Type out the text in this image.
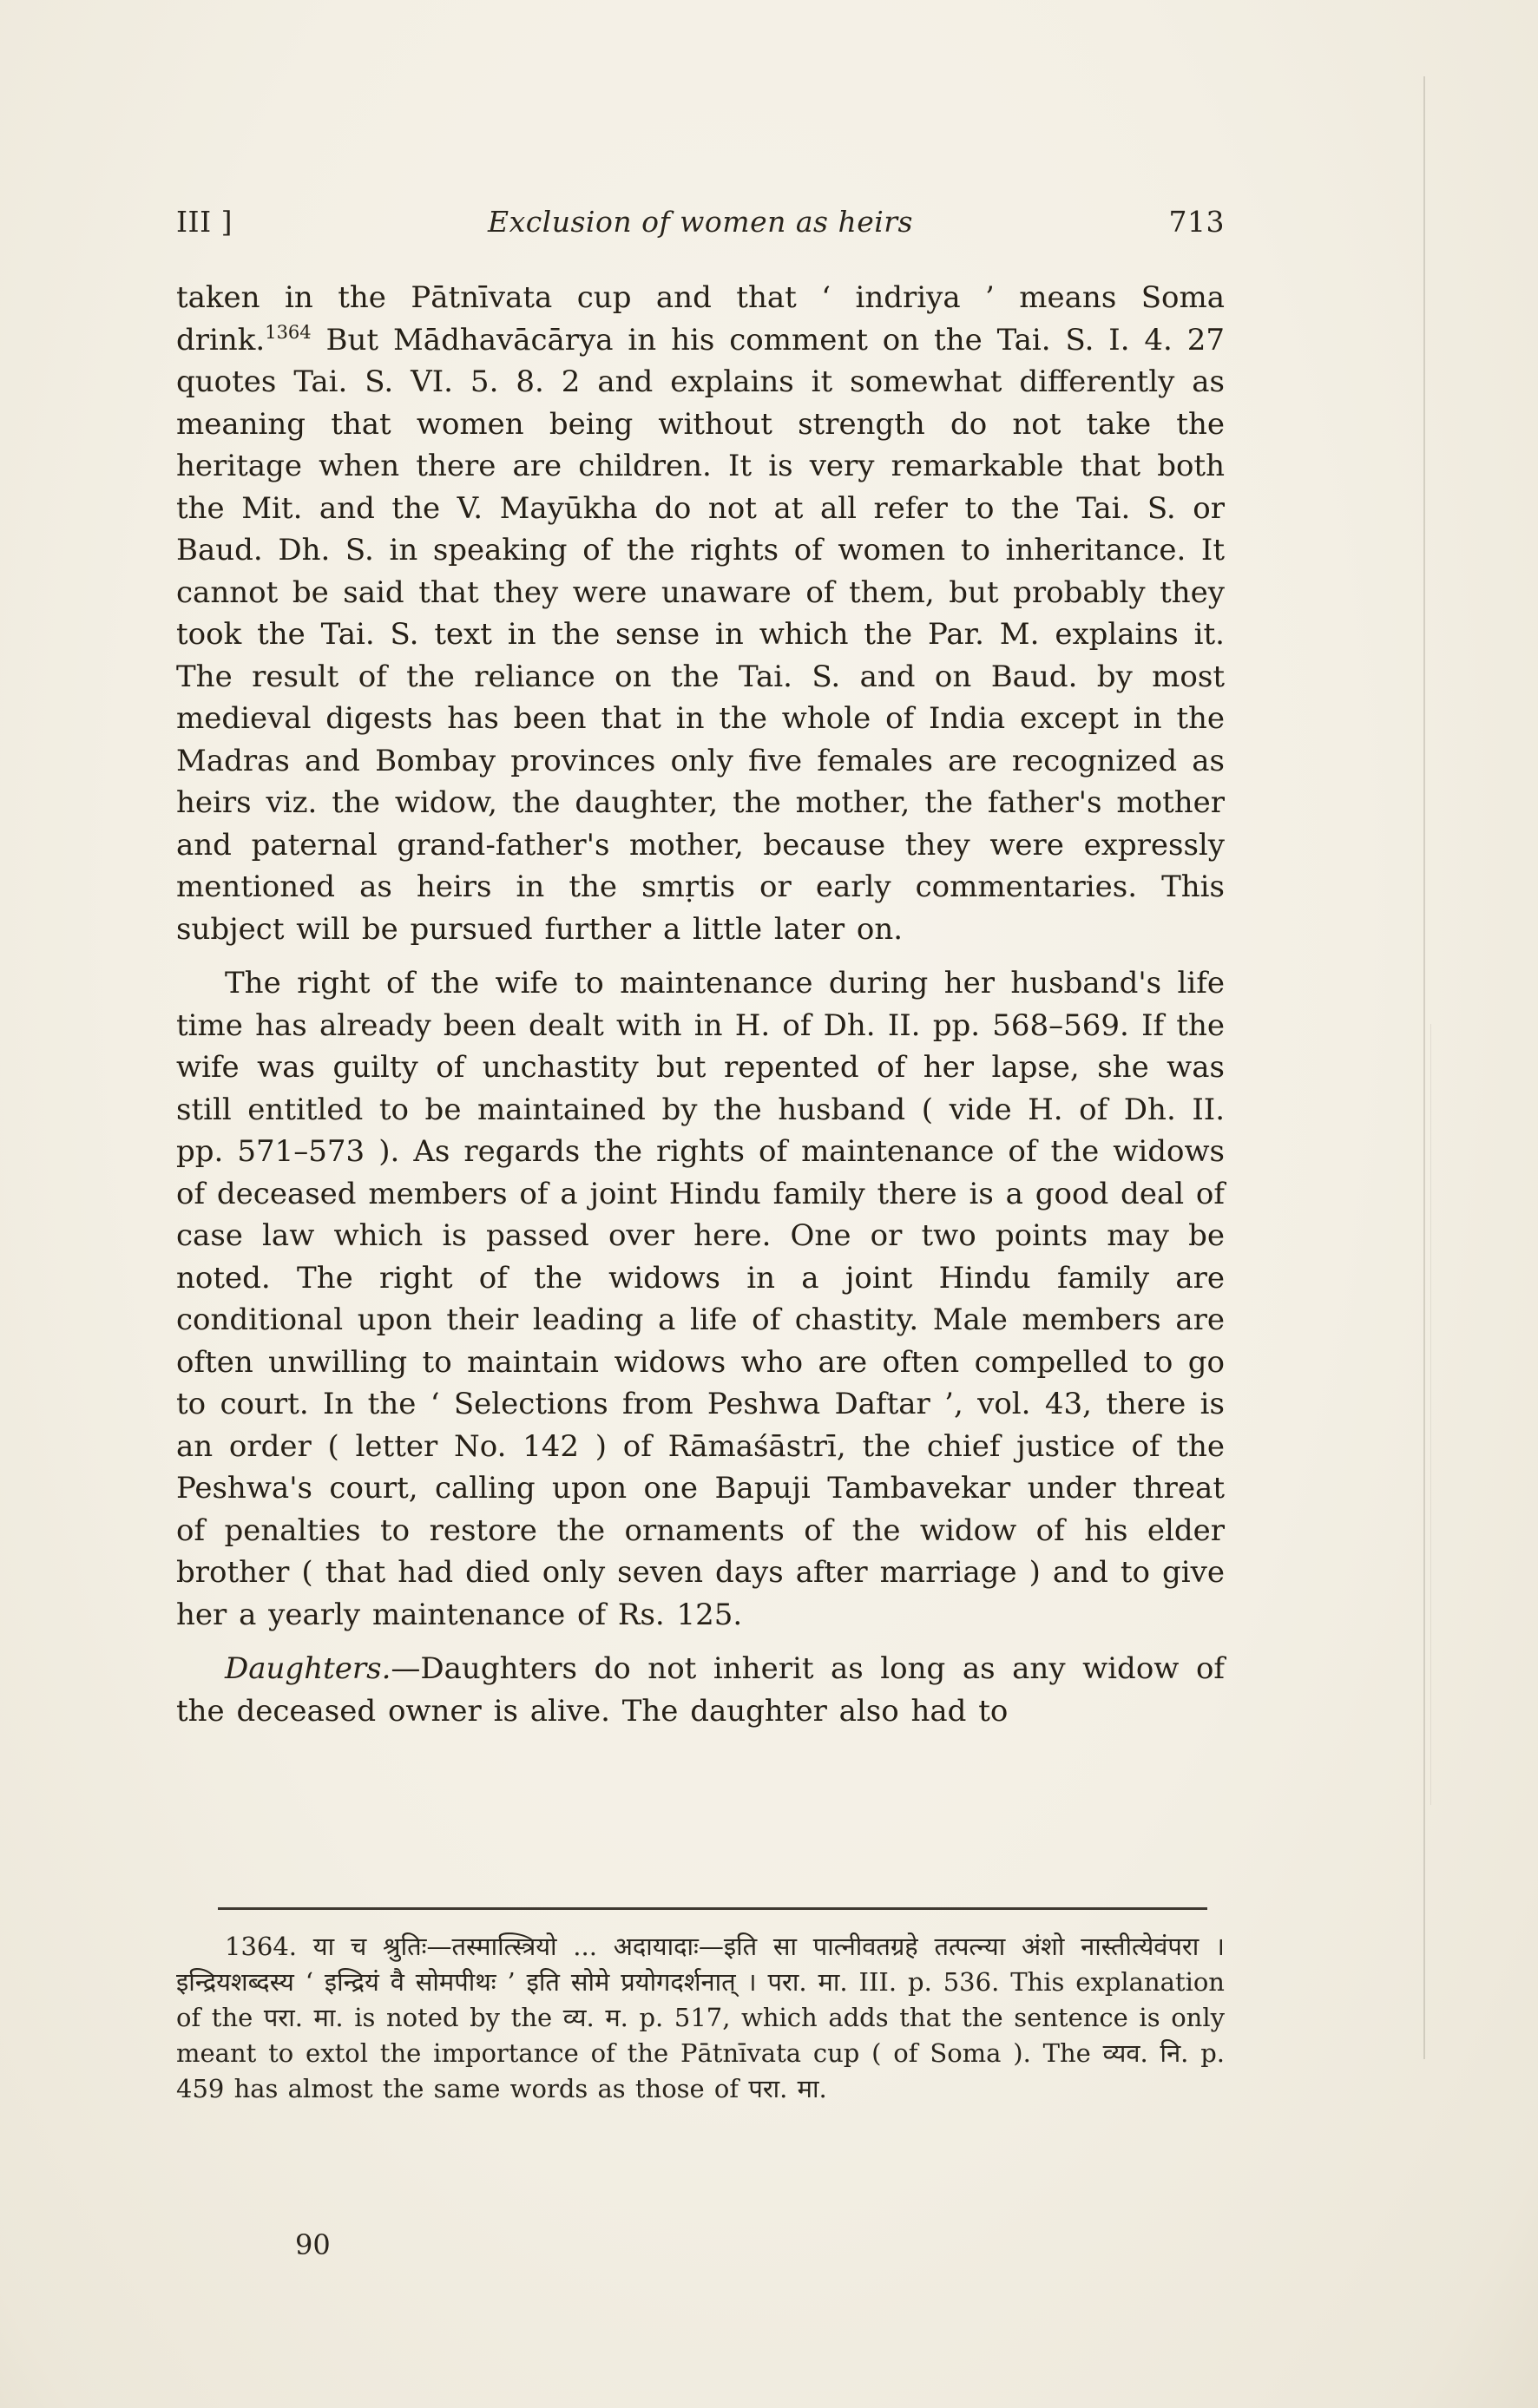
III ]	Exclusion of women as heirs	713

taken in the Pātnīvata cup and that ‘ indriya ’ means Soma drink.$^{1364}$ But Mādhavācārya in his comment on the Tai. S. I. 4. 27 quotes Tai. S. VI. 5. 8. 2 and explains it somewhat differently as meaning that women being without strength do not take the heritage when there are children. It is very remarkable that both the Mit. and the V. Mayūkha do not at all refer to the Tai. S. or Baud. Dh. S. in speaking of the rights of women to inheritance. It cannot be said that they were unaware of them, but probably they took the Tai. S. text in the sense in which the Par. M. explains it. The result of the reliance on the Tai. S. and on Baud. by most medieval digests has been that in the whole of India except in the Madras and Bombay provinces only five females are recognized as heirs viz. the widow, the daughter, the mother, the father's mother and paternal grand-father's mother, because they were expressly mentioned as heirs in the smṛtis or early commentaries. This subject will be pursued further a little later on.

The right of the wife to maintenance during her husband's life time has already been dealt with in H. of Dh. II. pp. 568–569. If the wife was guilty of unchastity but repented of her lapse, she was still entitled to be maintained by the husband ( vide H. of Dh. II. pp. 571–573 ). As regards the rights of maintenance of the widows of deceased members of a joint Hindu family there is a good deal of case law which is passed over here. One or two points may be noted. The right of the widows in a joint Hindu family are conditional upon their leading a life of chastity. Male members are often unwilling to maintain widows who are often compelled to go to court. In the ‘ Selections from Peshwa Daftar ’, vol. 43, there is an order ( letter No. 142 ) of Rāmaśāstrī, the chief justice of the Peshwa's court, calling upon one Bapuji Tambavekar under threat of penalties to restore the ornaments of the widow of his elder brother ( that had died only seven days after marriage ) and to give her a yearly maintenance of Rs. 125.

Daughters.—Daughters do not inherit as long as any widow of the deceased owner is alive. The daughter also had to

1364. या च श्रुतिः—तस्मात्स्त्रियो ... अदायादाः—इति सा पात्नीवतग्रहे तत्पत्न्या अंशो नास्तीत्येवंपरा । इन्द्रियशब्दस्य ‘ इन्द्रियं वै सोमपीथः ’ इति सोमे प्रयोगदर्शनात् । परा. मा. III. p. 536. This explanation of the परा. मा. is noted by the व्य. म. p. 517, which adds that the sentence is only meant to extol the importance of the Pātnīvata cup ( of Soma ). The व्यव. नि. p. 459 has almost the same words as those of परा. मा.

90
